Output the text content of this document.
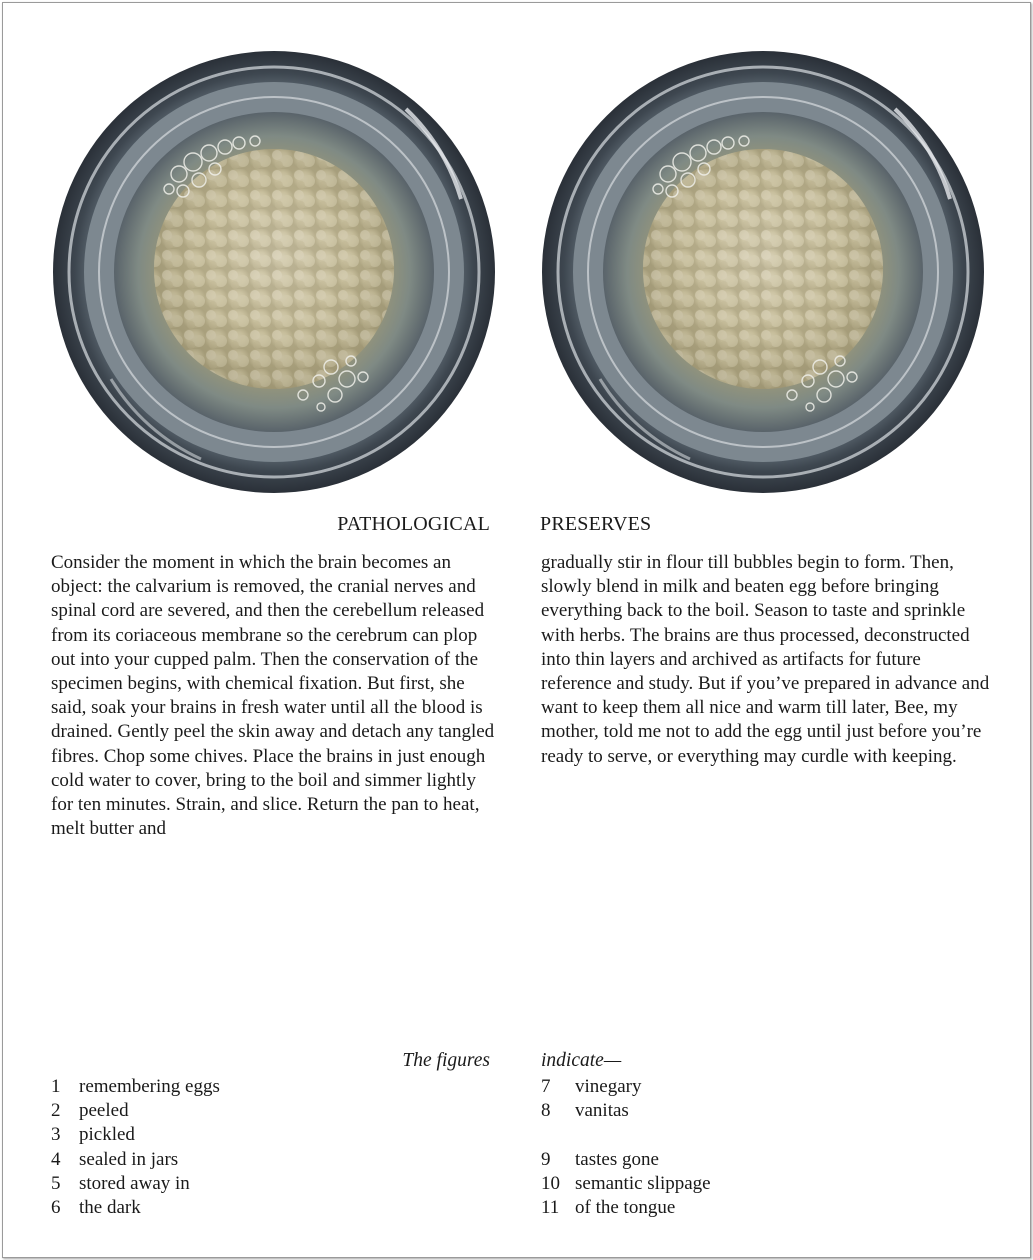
PATHOLOGICAL	PRESERVES

Consider the moment in which the brain becomes an object: the calvarium is removed, the cranial nerves and spinal cord are severed, and then the cerebellum released from its coriaceous membrane so the cerebrum can plop out into your cupped palm. Then the conservation of the specimen begins, with chemical fixation. But first, she said, soak your brains in fresh water until all the blood is drained. Gently peel the skin away and detach any tangled fibres. Chop some chives. Place the brains in just enough cold water to cover, bring to the boil and simmer lightly for ten minutes. Strain, and slice. Return the pan to heat, melt butter and

gradually stir in flour till bubbles begin to form. Then, slowly blend in milk and beaten egg before bringing everything back to the boil. Season to taste and sprinkle with herbs. The brains are thus processed, deconstructed into thin layers and archived as artifacts for future reference and study. But if you’ve prepared in advance and want to keep them all nice and warm till later, Bee, my mother, told me not to add the egg until just before you’re ready to serve, or everything may curdle with keeping.

The figures	indicate—
1 remembering eggs
2 peeled
3 pickled
4 sealed in jars
5 stored away in
6 the dark
7	vinegary
8	vanitas
9	tastes gone
10 semantic slippage
11 of the tongue
